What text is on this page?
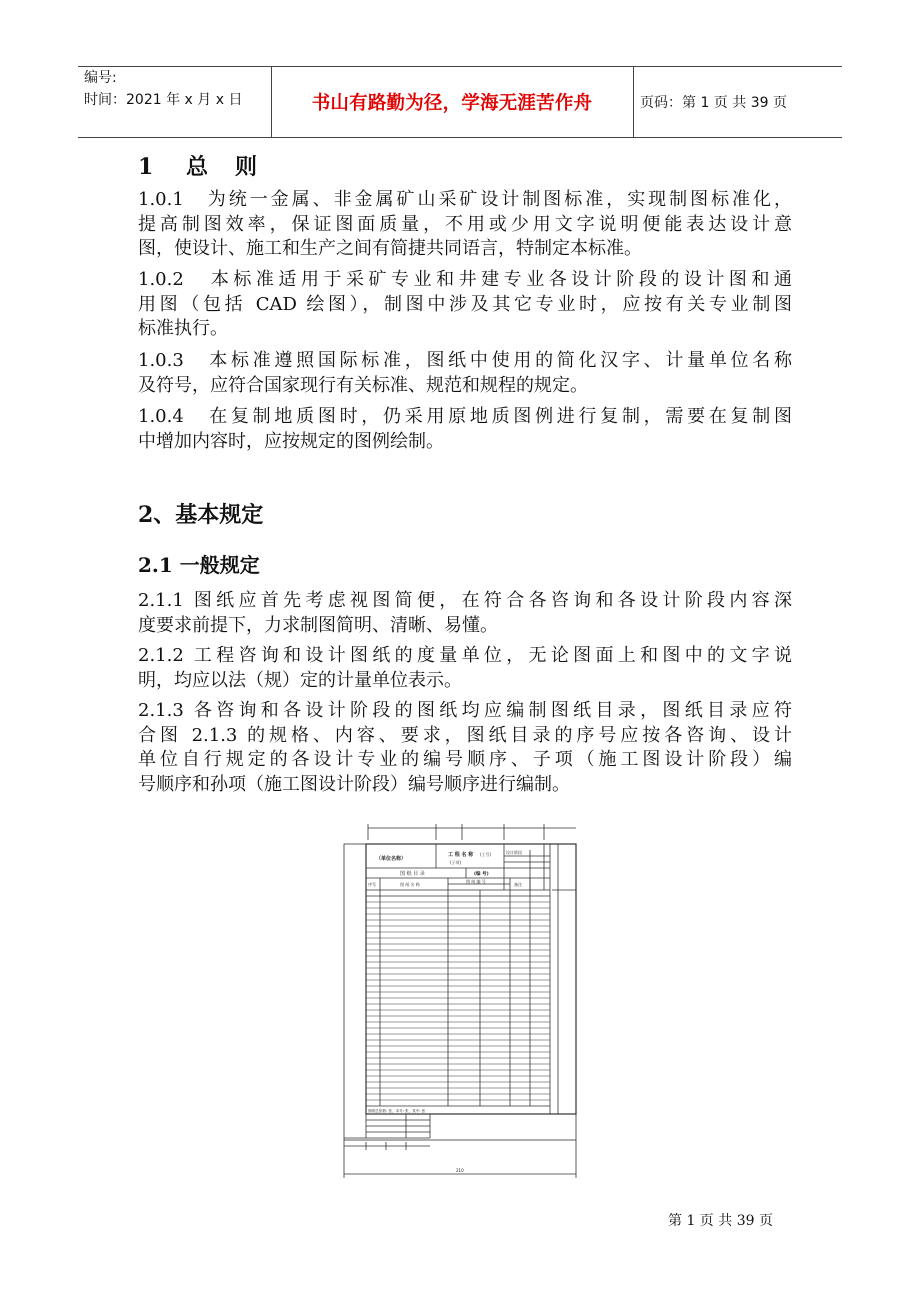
编号:
时间：2021 年 x 月 x 日	书山有路勤为径，学海无涯苦作舟	页码：第 1 页 共 39 页
1 总 则
1.0.1　为统一金属、非金属矿山采矿设计制图标准，实现制图标准化，
提高制图效率，保证图面质量，不用或少用文字说明便能表达设计意
图，使设计、施工和生产之间有简捷共同语言，特制定本标准。
1.0.2　本标准适用于采矿专业和井建专业各设计阶段的设计图和通
用图（包括 CAD 绘图），制图中涉及其它专业时，应按有关专业制图
标准执行。
1.0.3　本标准遵照国际标准，图纸中使用的简化汉字、计量单位名称
及符号，应符合国家现行有关标准、规范和规程的规定。
1.0.4　在复制地质图时，仍采用原地质图例进行复制，需要在复制图
中增加内容时，应按规定的图例绘制。
2、基本规定
2.1 一般规定
2.1.1 图纸应首先考虑视图简便，在符合各咨询和各设计阶段内容深
度要求前提下，力求制图简明、清晰、易懂。
2.1.2 工程咨询和设计图纸的度量单位，无论图面上和图中的文字说
明，均应以法（规）定的计量单位表示。
2.1.3 各咨询和各设计阶段的图纸均应编制图纸目录，图纸目录应符
合图 2.1.3 的规格、内容、要求，图纸目录的序号应按各咨询、设计
单位自行规定的各设计专业的编号顺序、子项（施工图设计阶段）编
号顺序和孙项（施工图设计阶段）编号顺序进行编制。
（单位名称）
工 程 名 称 (工号)	设计阶段
(子项)
图 纸 目 录	(编 号)
序号	图 纸 名 称
图 纸 编 号
备注
图纸总张数: 张，本号: 张，其中: 张
210
第 1 页 共 39 页
